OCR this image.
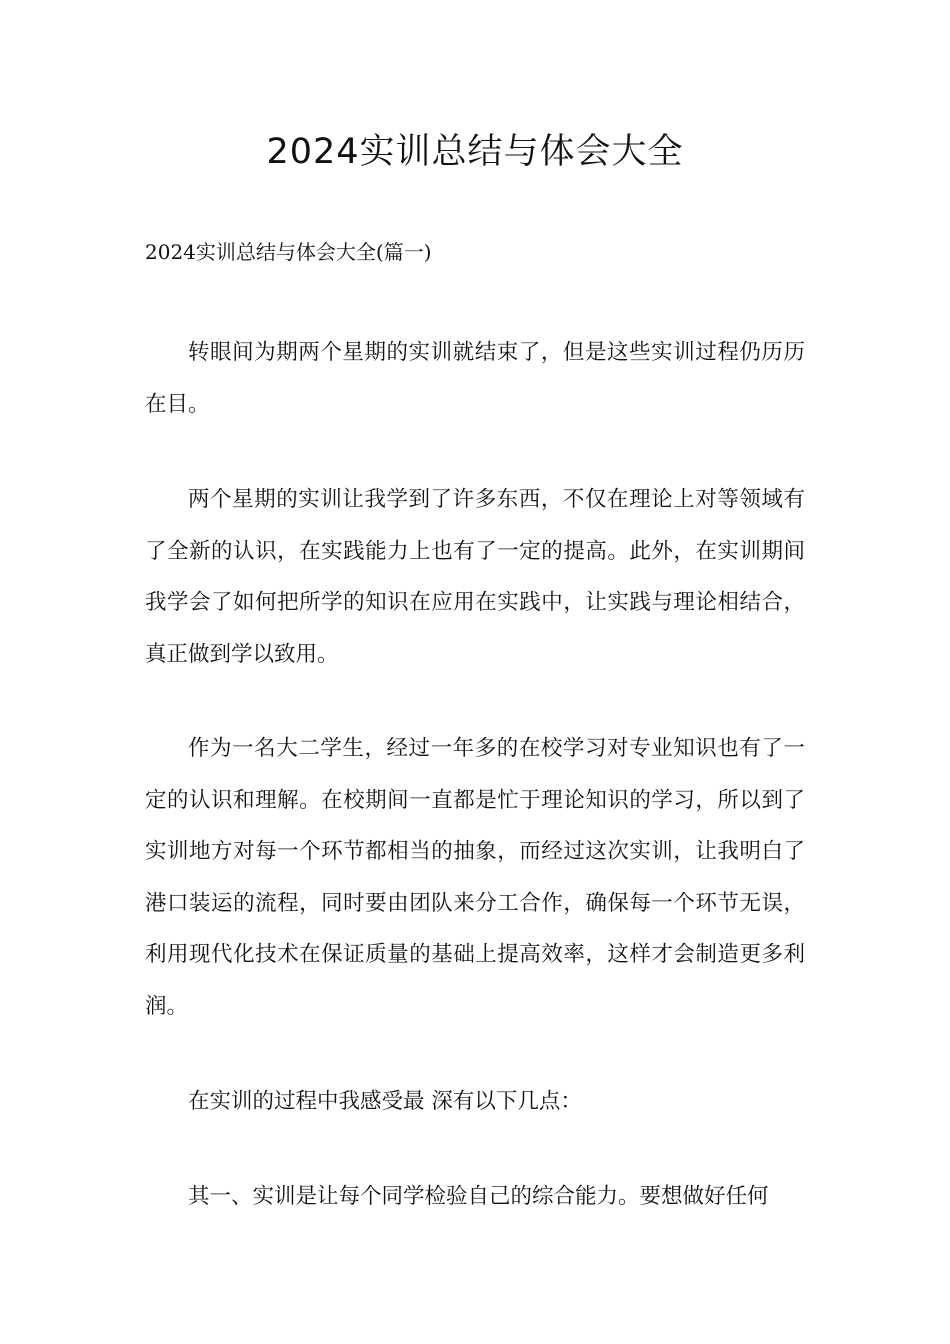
2024实训总结与体会大全

2024实训总结与体会大全(篇一)

转眼间为期两个星期的实训就结束了，但是这些实训过程仍历历在目。

两个星期的实训让我学到了许多东西，不仅在理论上对等领域有了全新的认识，在实践能力上也有了一定的提高。此外，在实训期间我学会了如何把所学的知识在应用在实践中，让实践与理论相结合，真正做到学以致用。

作为一名大二学生，经过一年多的在校学习对专业知识也有了一定的认识和理解。在校期间一直都是忙于理论知识的学习，所以到了实训地方对每一个环节都相当的抽象，而经过这次实训，让我明白了港口装运的流程，同时要由团队来分工合作，确保每一个环节无误，利用现代化技术在保证质量的基础上提高效率，这样才会制造更多利润。

在实训的过程中我感受最 深有以下几点：

其一、实训是让每个同学检验自己的综合能力。要想做好任何
